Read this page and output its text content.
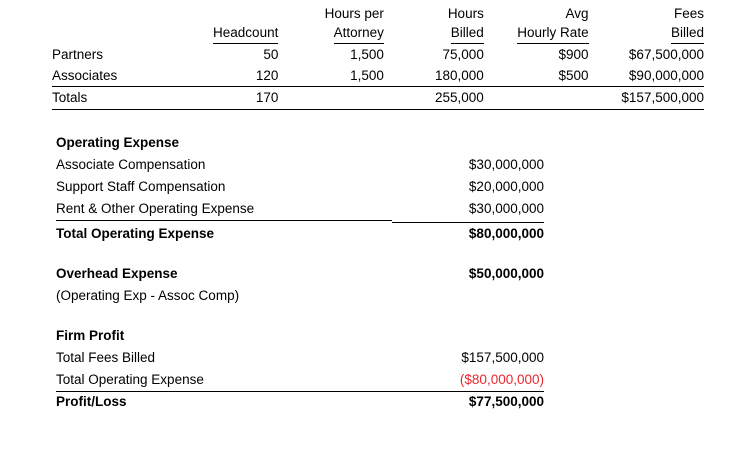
		Hours per	Hours	Avg	Fees
	Headcount	Attorney	Billed	Hourly Rate	Billed
Partners	50	1,500	75,000	$900	$67,500,000
Associates	120	1,500	180,000	$500	$90,000,000
Totals	170		255,000		$157,500,000
Operating Expense
Associate Compensation	$30,000,000
Support Staff Compensation	$20,000,000
Rent & Other Operating Expense	$30,000,000
Total Operating Expense	$80,000,000
Overhead Expense	$50,000,000
(Operating Exp - Assoc Comp)
Firm Profit
Total Fees Billed	$157,500,000
Total Operating Expense	($80,000,000)
Profit/Loss	$77,500,000
